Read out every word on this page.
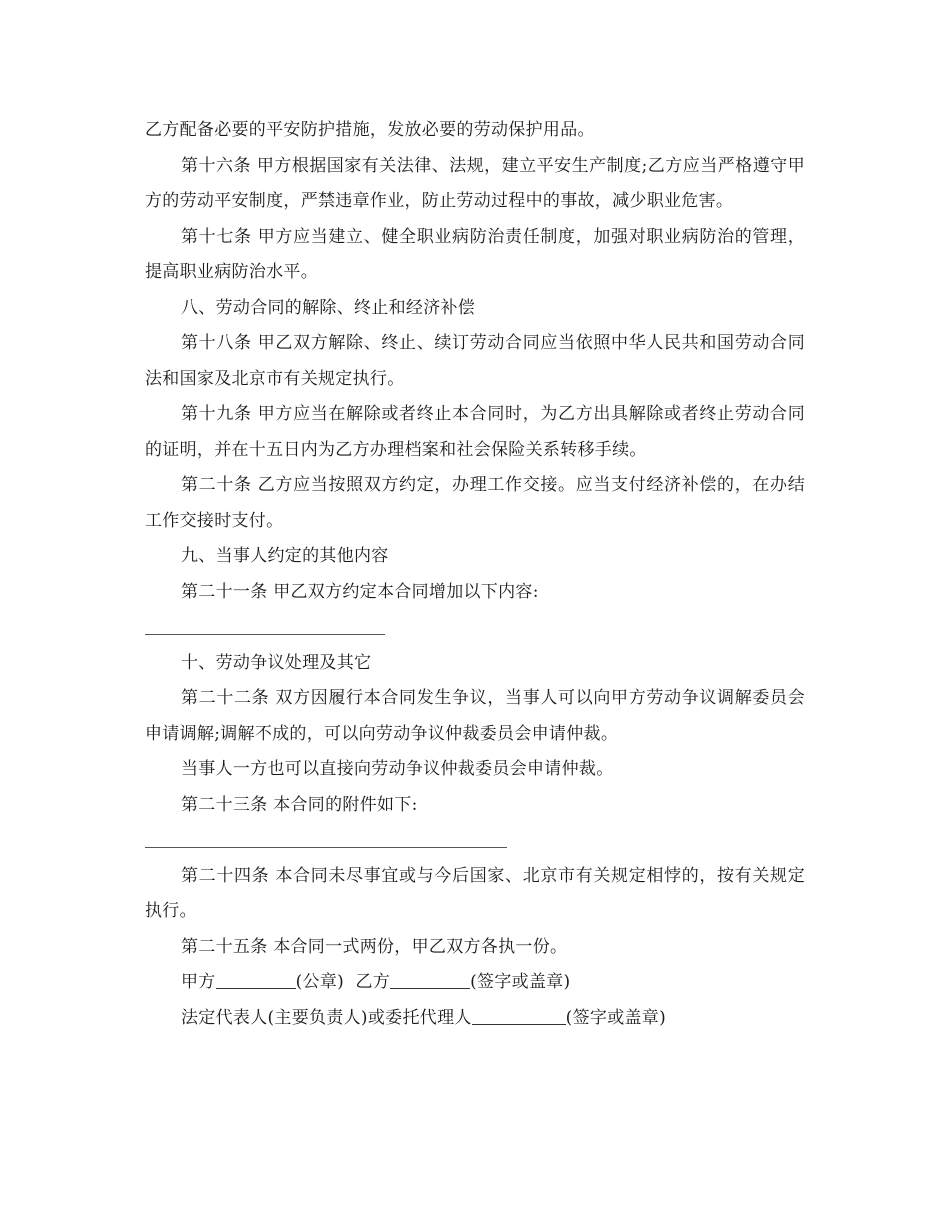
乙方配备必要的平安防护措施，发放必要的劳动保护用品。

第十六条 甲方根据国家有关法律、法规，建立平安生产制度;乙方应当严格遵守甲方的劳动平安制度，严禁违章作业，防止劳动过程中的事故，减少职业危害。

第十七条 甲方应当建立、健全职业病防治责任制度，加强对职业病防治的管理，提高职业病防治水平。

八、劳动合同的解除、终止和经济补偿

第十八条 甲乙双方解除、终止、续订劳动合同应当依照中华人民共和国劳动合同法和国家及北京市有关规定执行。

第十九条 甲方应当在解除或者终止本合同时，为乙方出具解除或者终止劳动合同的证明，并在十五日内为乙方办理档案和社会保险关系转移手续。

第二十条 乙方应当按照双方约定，办理工作交接。应当支付经济补偿的，在办结工作交接时支付。

九、当事人约定的其他内容

第二十一条 甲乙双方约定本合同增加以下内容:

十、劳动争议处理及其它

第二十二条 双方因履行本合同发生争议，当事人可以向甲方劳动争议调解委员会申请调解;调解不成的，可以向劳动争议仲裁委员会申请仲裁。

当事人一方也可以直接向劳动争议仲裁委员会申请仲裁。

第二十三条 本合同的附件如下:

第二十四条 本合同未尽事宜或与今后国家、北京市有关规定相悖的，按有关规定执行。

第二十五条 本合同一式两份，甲乙双方各执一份。

甲方	(公章) 乙方	(签字或盖章)

法定代表人(主要负责人)或委托代理人	(签字或盖章)
